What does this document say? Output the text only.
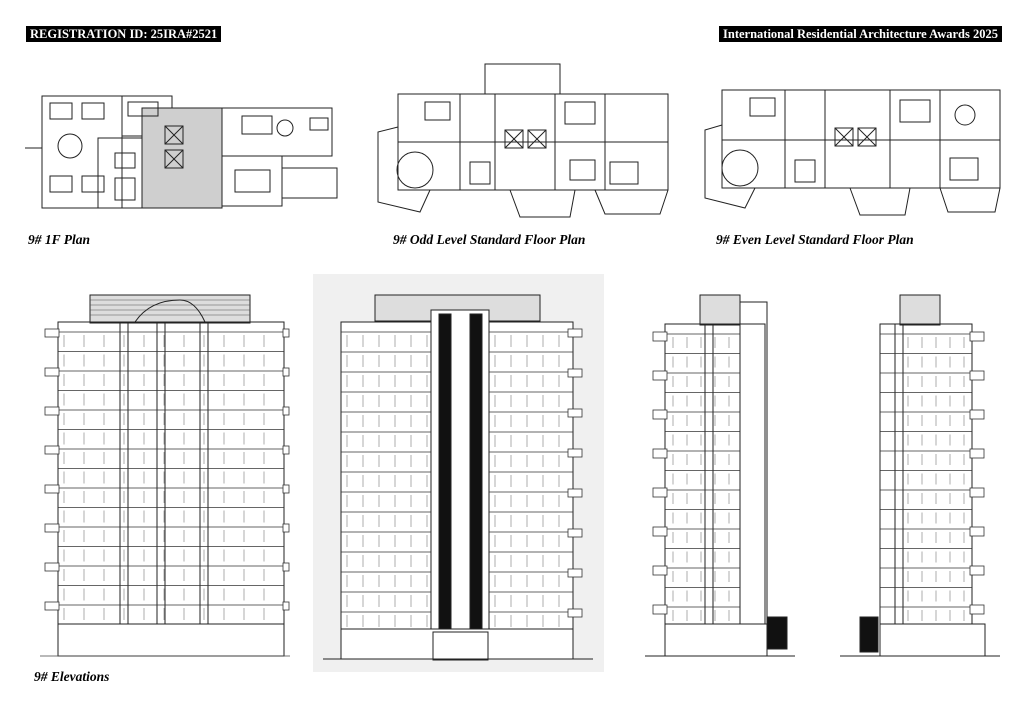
REGISTRATION ID: 25IRA#2521	International Residential Architecture Awards 2025
9# 1F Plan	9# Odd Level Standard Floor Plan	9# Even Level Standard Floor Plan
9# Elevations
